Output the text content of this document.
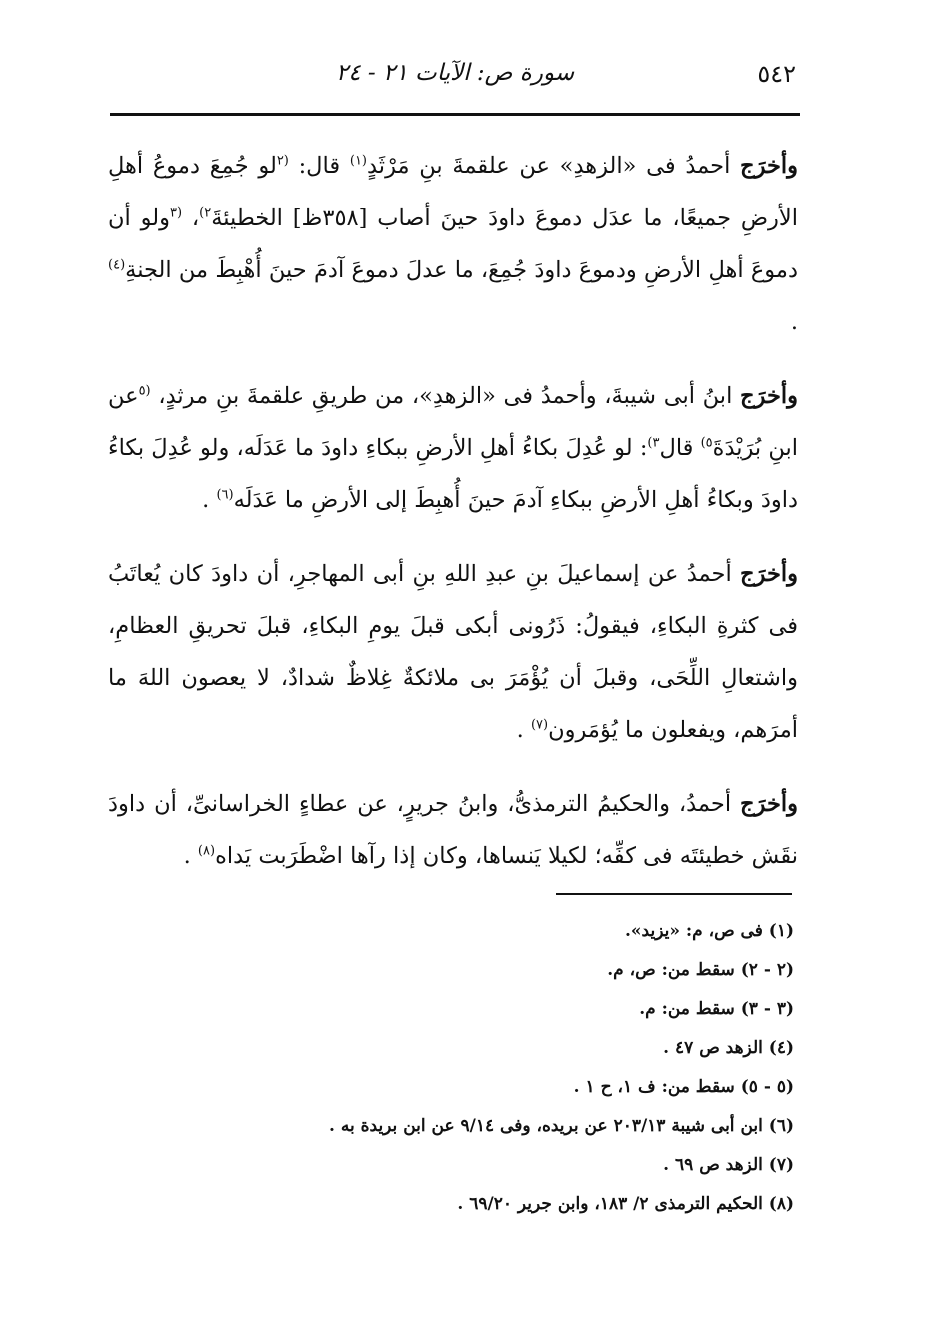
٥٤٢
سورة ص: الآيات ٢١ - ٢٤

وأخرَج أحمدُ فى «الزهدِ» عن علقمةَ بنِ مَرْثَدٍ$^{(١)}$ قال: $^{(٢}$لو جُمِعَ دموعُ أهلِ الأرضِ جميعًا، ما عدَل دموعَ داودَ حينَ أصاب [٣٥٨ظ] الخطيئةَ$^{٢)}$، $^{(٣}$ولو أن دموعَ أهلِ الأرضِ ودموعَ داودَ جُمِعَ، ما عدلَ دموعَ آدمَ حينَ أُهْبِطَ من الجنةِ$^{(٤)}$ .

وأخرَج ابنُ أبى شيبةَ، وأحمدُ فى «الزهدِ»، من طريقِ علقمةَ بنِ مرثدٍ، $^{(٥}$عن ابنِ بُرَيْدَةَ$^{٥)}$ قال$^{٣)}$: لو عُدِلَ بكاءُ أهلِ الأرضِ ببكاءِ داودَ ما عَدَلَه، ولو عُدِلَ بكاءُ داودَ وبكاءُ أهلِ الأرضِ ببكاءِ آدمَ حينَ أُهبِطَ إلى الأرضِ ما عَدَلَه$^{(٦)}$ .

وأخرَج أحمدُ عن إسماعيلَ بنِ عبدِ اللهِ بنِ أبى المهاجرِ، أن داودَ كان يُعاتَبُ فى كثرةِ البكاءِ، فيقولُ: ذَرُونى أبكى قبلَ يومِ البكاءِ، قبلَ تحريقِ العظامِ، واشتعالِ اللِّحَى، وقبلَ أن يُؤْمَرَ بى ملائكةٌ غِلاظٌ شدادٌ، لا يعصون اللهَ ما أمرَهم، ويفعلون ما يُؤمَرون$^{(٧)}$ .

وأخرَج أحمدُ، والحكيمُ الترمذىُّ، وابنُ جريرٍ، عن عطاءٍ الخراسانىِّ، أن داودَ نقَش خطيئتَه فى كفِّه؛ لكيلا يَنساها، وكان إذا رآها اضْطَرَبت يَداه$^{(٨)}$ .

(١) فى ص، م: «يزيد».

(٢ - ٢) سقط من: ص، م.

(٣ - ٣) سقط من: م.

(٤) الزهد ص ٤٧ .

(٥ - ٥) سقط من: ف ١، ح ١ .

(٦) ابن أبى شيبة ٢٠٣/١٣ عن بريده، وفى ٩/١٤ عن ابن بريدة به .

(٧) الزهد ص ٦٩ .

(٨) الحكيم الترمذى ٢/ ١٨٣، وابن جرير ٦٩/٢٠ .
